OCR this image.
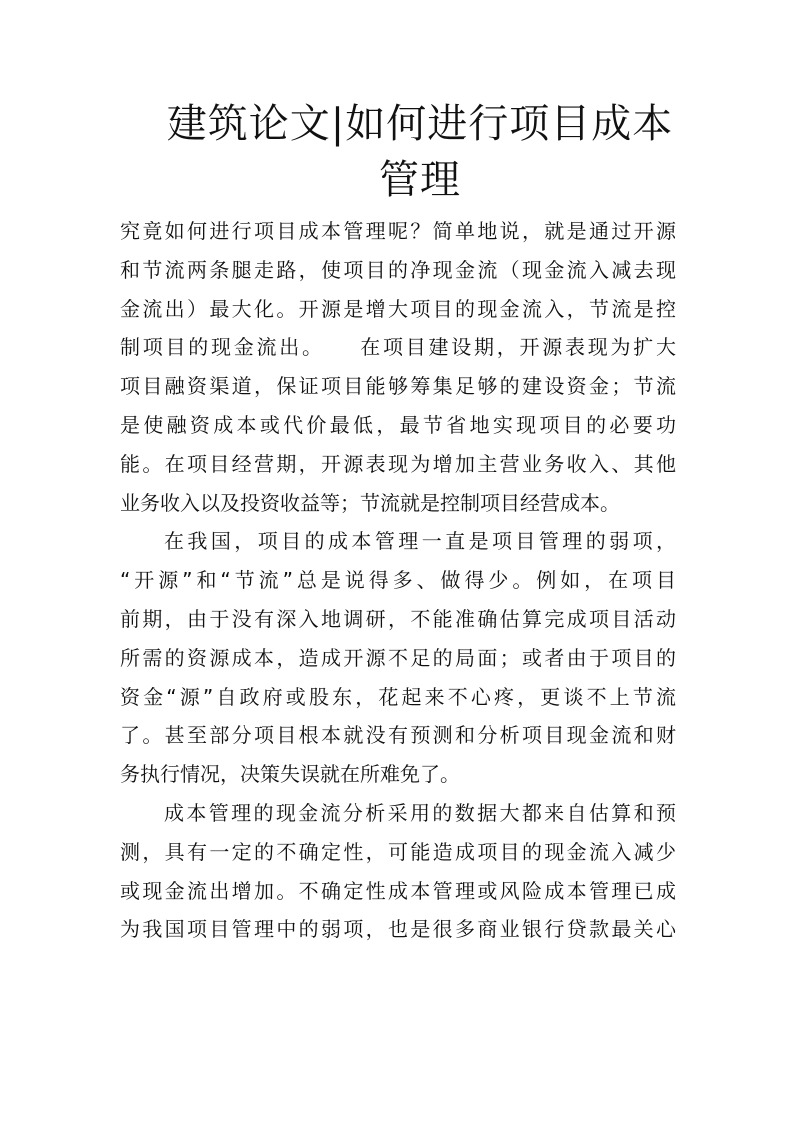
建筑论文|如何进行项目成本
管理
究竟如何进行项目成本管理呢？简单地说，就是通过开源
和节流两条腿走路，使项目的净现金流（现金流入减去现
金流出）最大化。开源是增大项目的现金流入，节流是控
制项目的现金流出。　　在项目建设期，开源表现为扩大
项目融资渠道，保证项目能够筹集足够的建设资金；节流
是使融资成本或代价最低，最节省地实现项目的必要功
能。在项目经营期，开源表现为增加主营业务收入、其他
业务收入以及投资收益等；节流就是控制项目经营成本。
在我国，项目的成本管理一直是项目管理的弱项，
“开源”和“节流”总是说得多、做得少。例如，在项目
前期，由于没有深入地调研，不能准确估算完成项目活动
所需的资源成本，造成开源不足的局面；或者由于项目的
资金“源”自政府或股东，花起来不心疼，更谈不上节流
了。甚至部分项目根本就没有预测和分析项目现金流和财
务执行情况，决策失误就在所难免了。
成本管理的现金流分析采用的数据大都来自估算和预
测，具有一定的不确定性，可能造成项目的现金流入减少
或现金流出增加。不确定性成本管理或风险成本管理已成
为我国项目管理中的弱项，也是很多商业银行贷款最关心
